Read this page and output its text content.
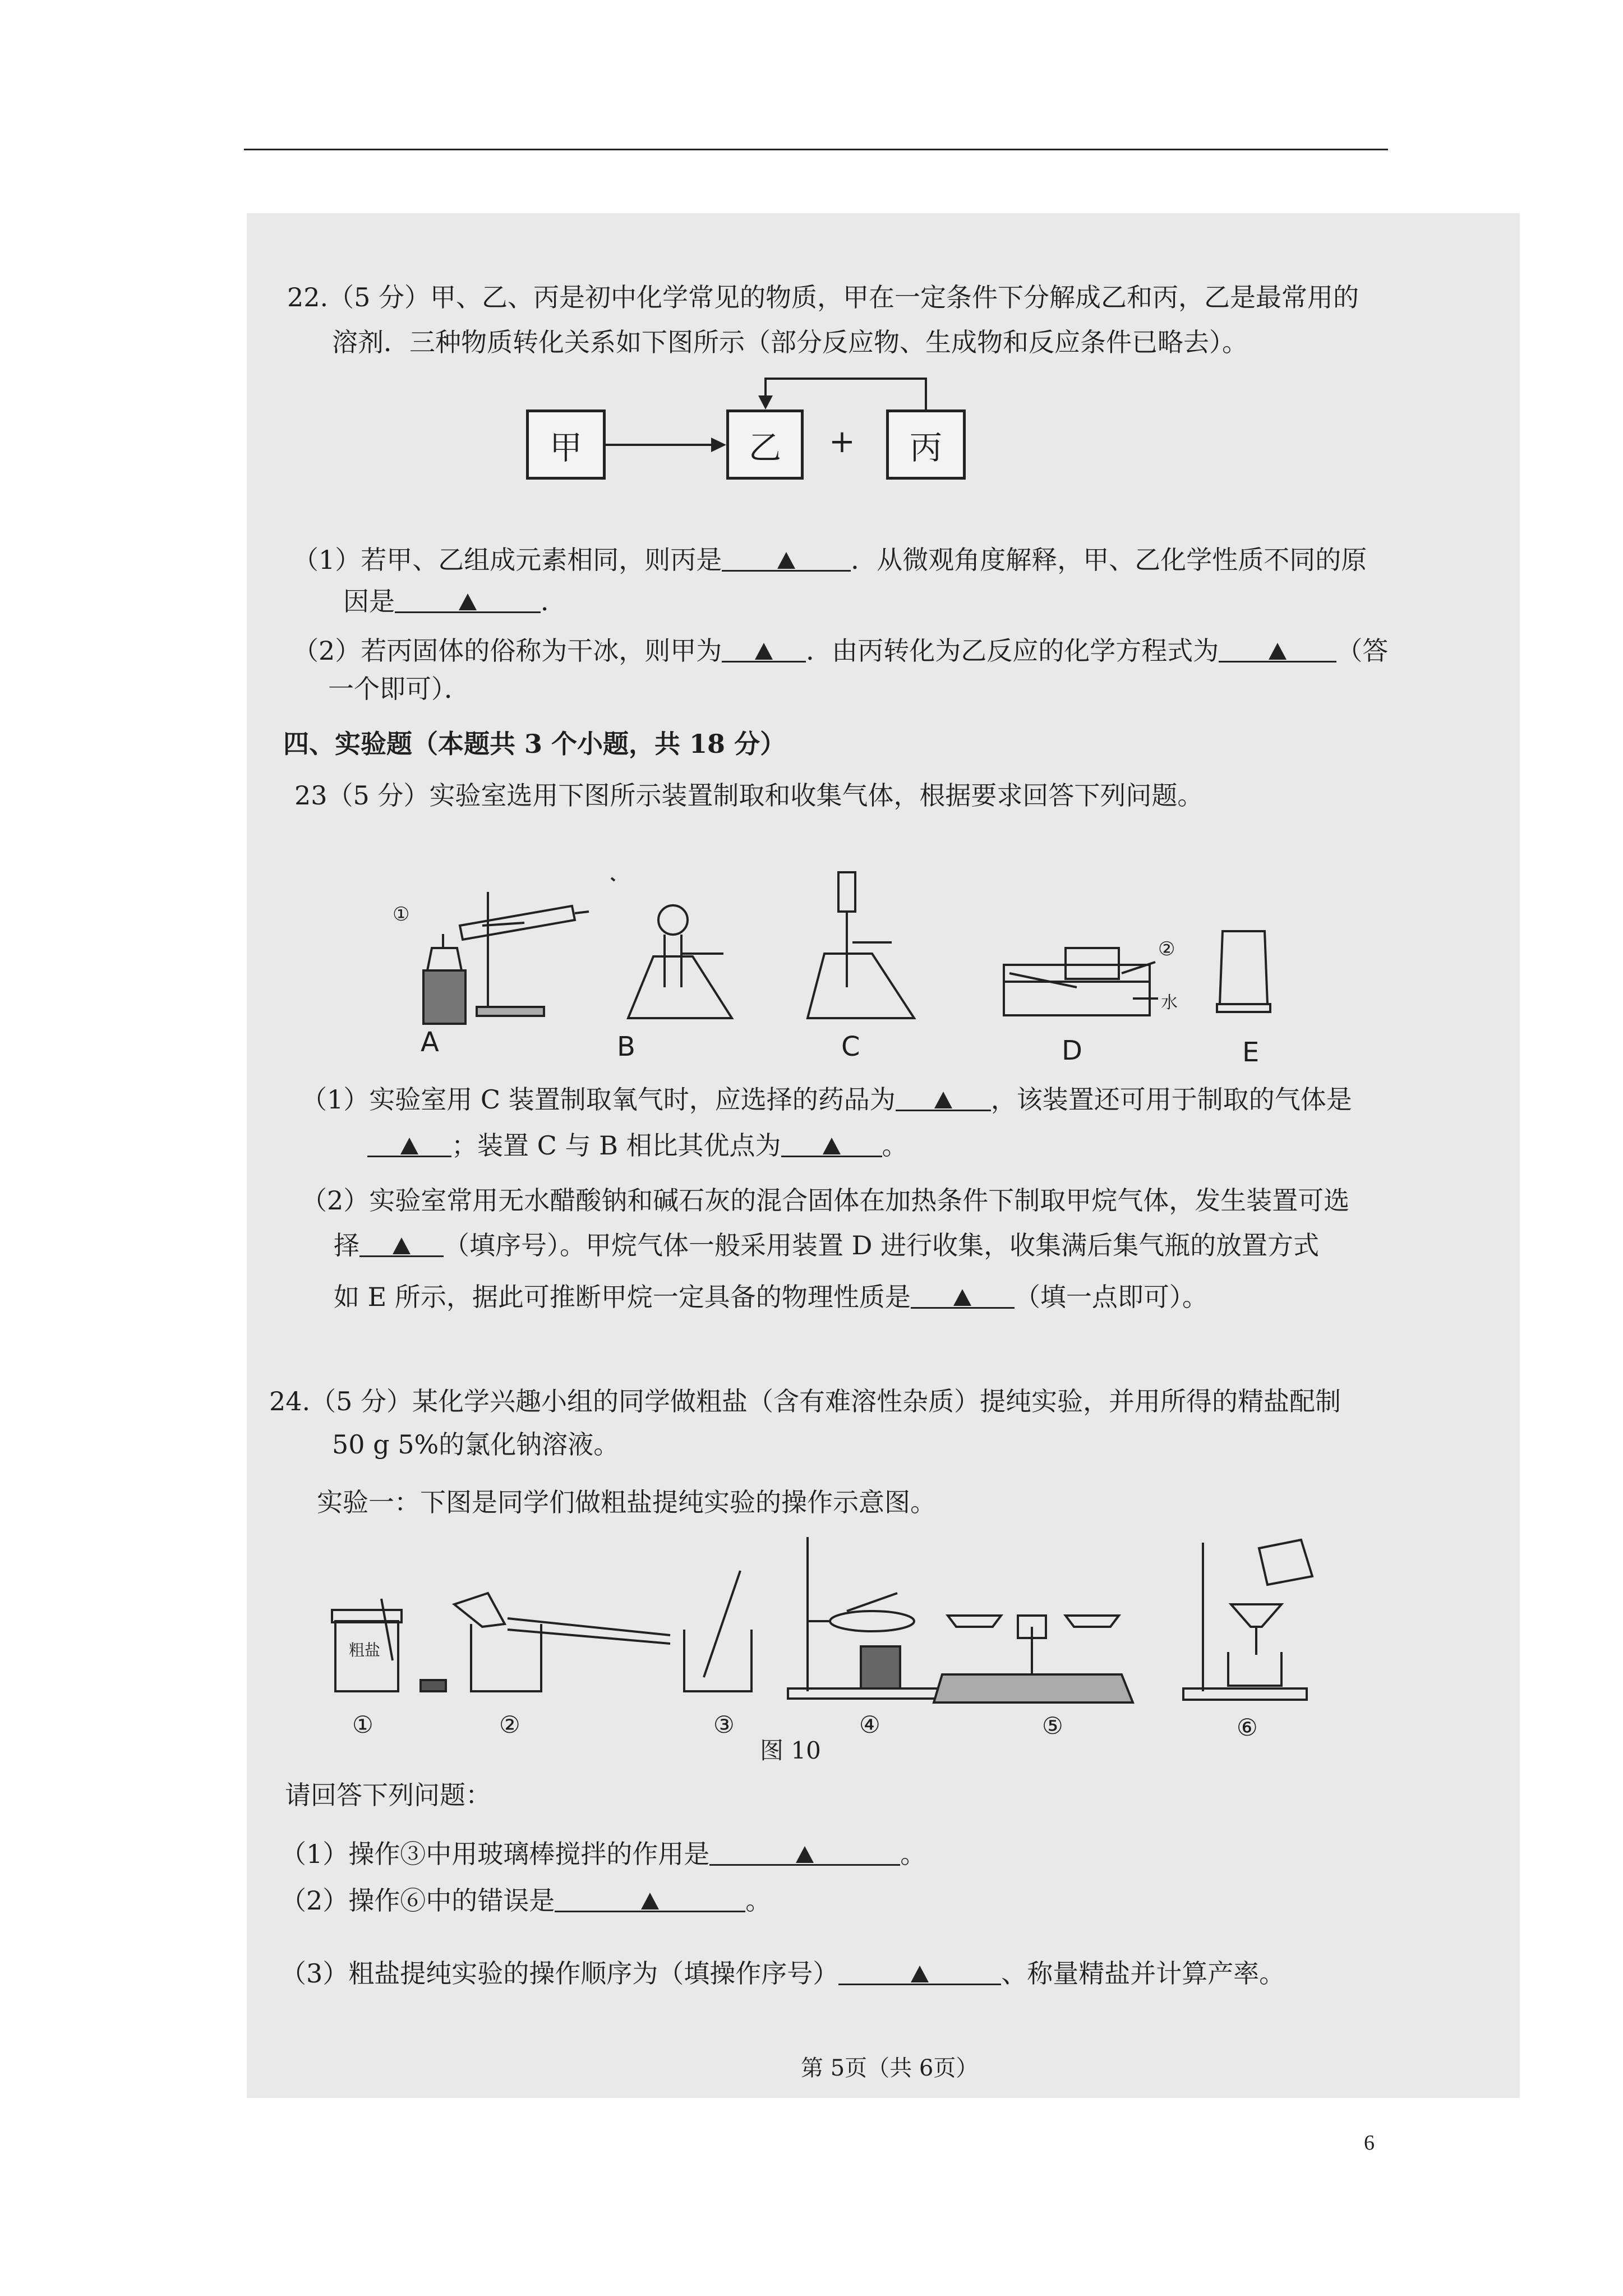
22.（5 分）甲、乙、丙是初中化学常见的物质，甲在一定条件下分解成乙和丙，乙是最常用的
溶剂．三种物质转化关系如下图所示（部分反应物、生成物和反应条件已略去）。
甲	乙	+	丙
（1）若甲、乙组成元素相同，则丙是	．从微观角度解释，甲、乙化学性质不同的原
因是	．
（2）若丙固体的俗称为干冰，则甲为	．由丙转化为乙反应的化学方程式为	（答
一个即可）．
四、实验题（本题共 3 个小题，共 18 分）
23（5 分）实验室选用下图所示装置制取和收集气体，根据要求回答下列问题。
①
②
水
A	B	C	D	E
（1）实验室用 C 装置制取氧气时，应选择的药品为	，该装置还可用于制取的气体是
；装置 C 与 B 相比其优点为	。
（2）实验室常用无水醋酸钠和碱石灰的混合固体在加热条件下制取甲烷气体，发生装置可选
择	（填序号）。甲烷气体一般采用装置 D 进行收集，收集满后集气瓶的放置方式
如 E 所示，据此可推断甲烷一定具备的物理性质是	（填一点即可）。
24.（5 分）某化学兴趣小组的同学做粗盐（含有难溶性杂质）提纯实验，并用所得的精盐配制
50 g 5%的氯化钠溶液。
实验一：下图是同学们做粗盐提纯实验的操作示意图。
粗盐
①	②	③	④	⑤	⑥
图 10
请回答下列问题：
（1）操作③中用玻璃棒搅拌的作用是	。
（2）操作⑥中的错误是	。
（3）粗盐提纯实验的操作顺序为（填操作序号）	、称量精盐并计算产率。
第 5页（共 6页）
6
